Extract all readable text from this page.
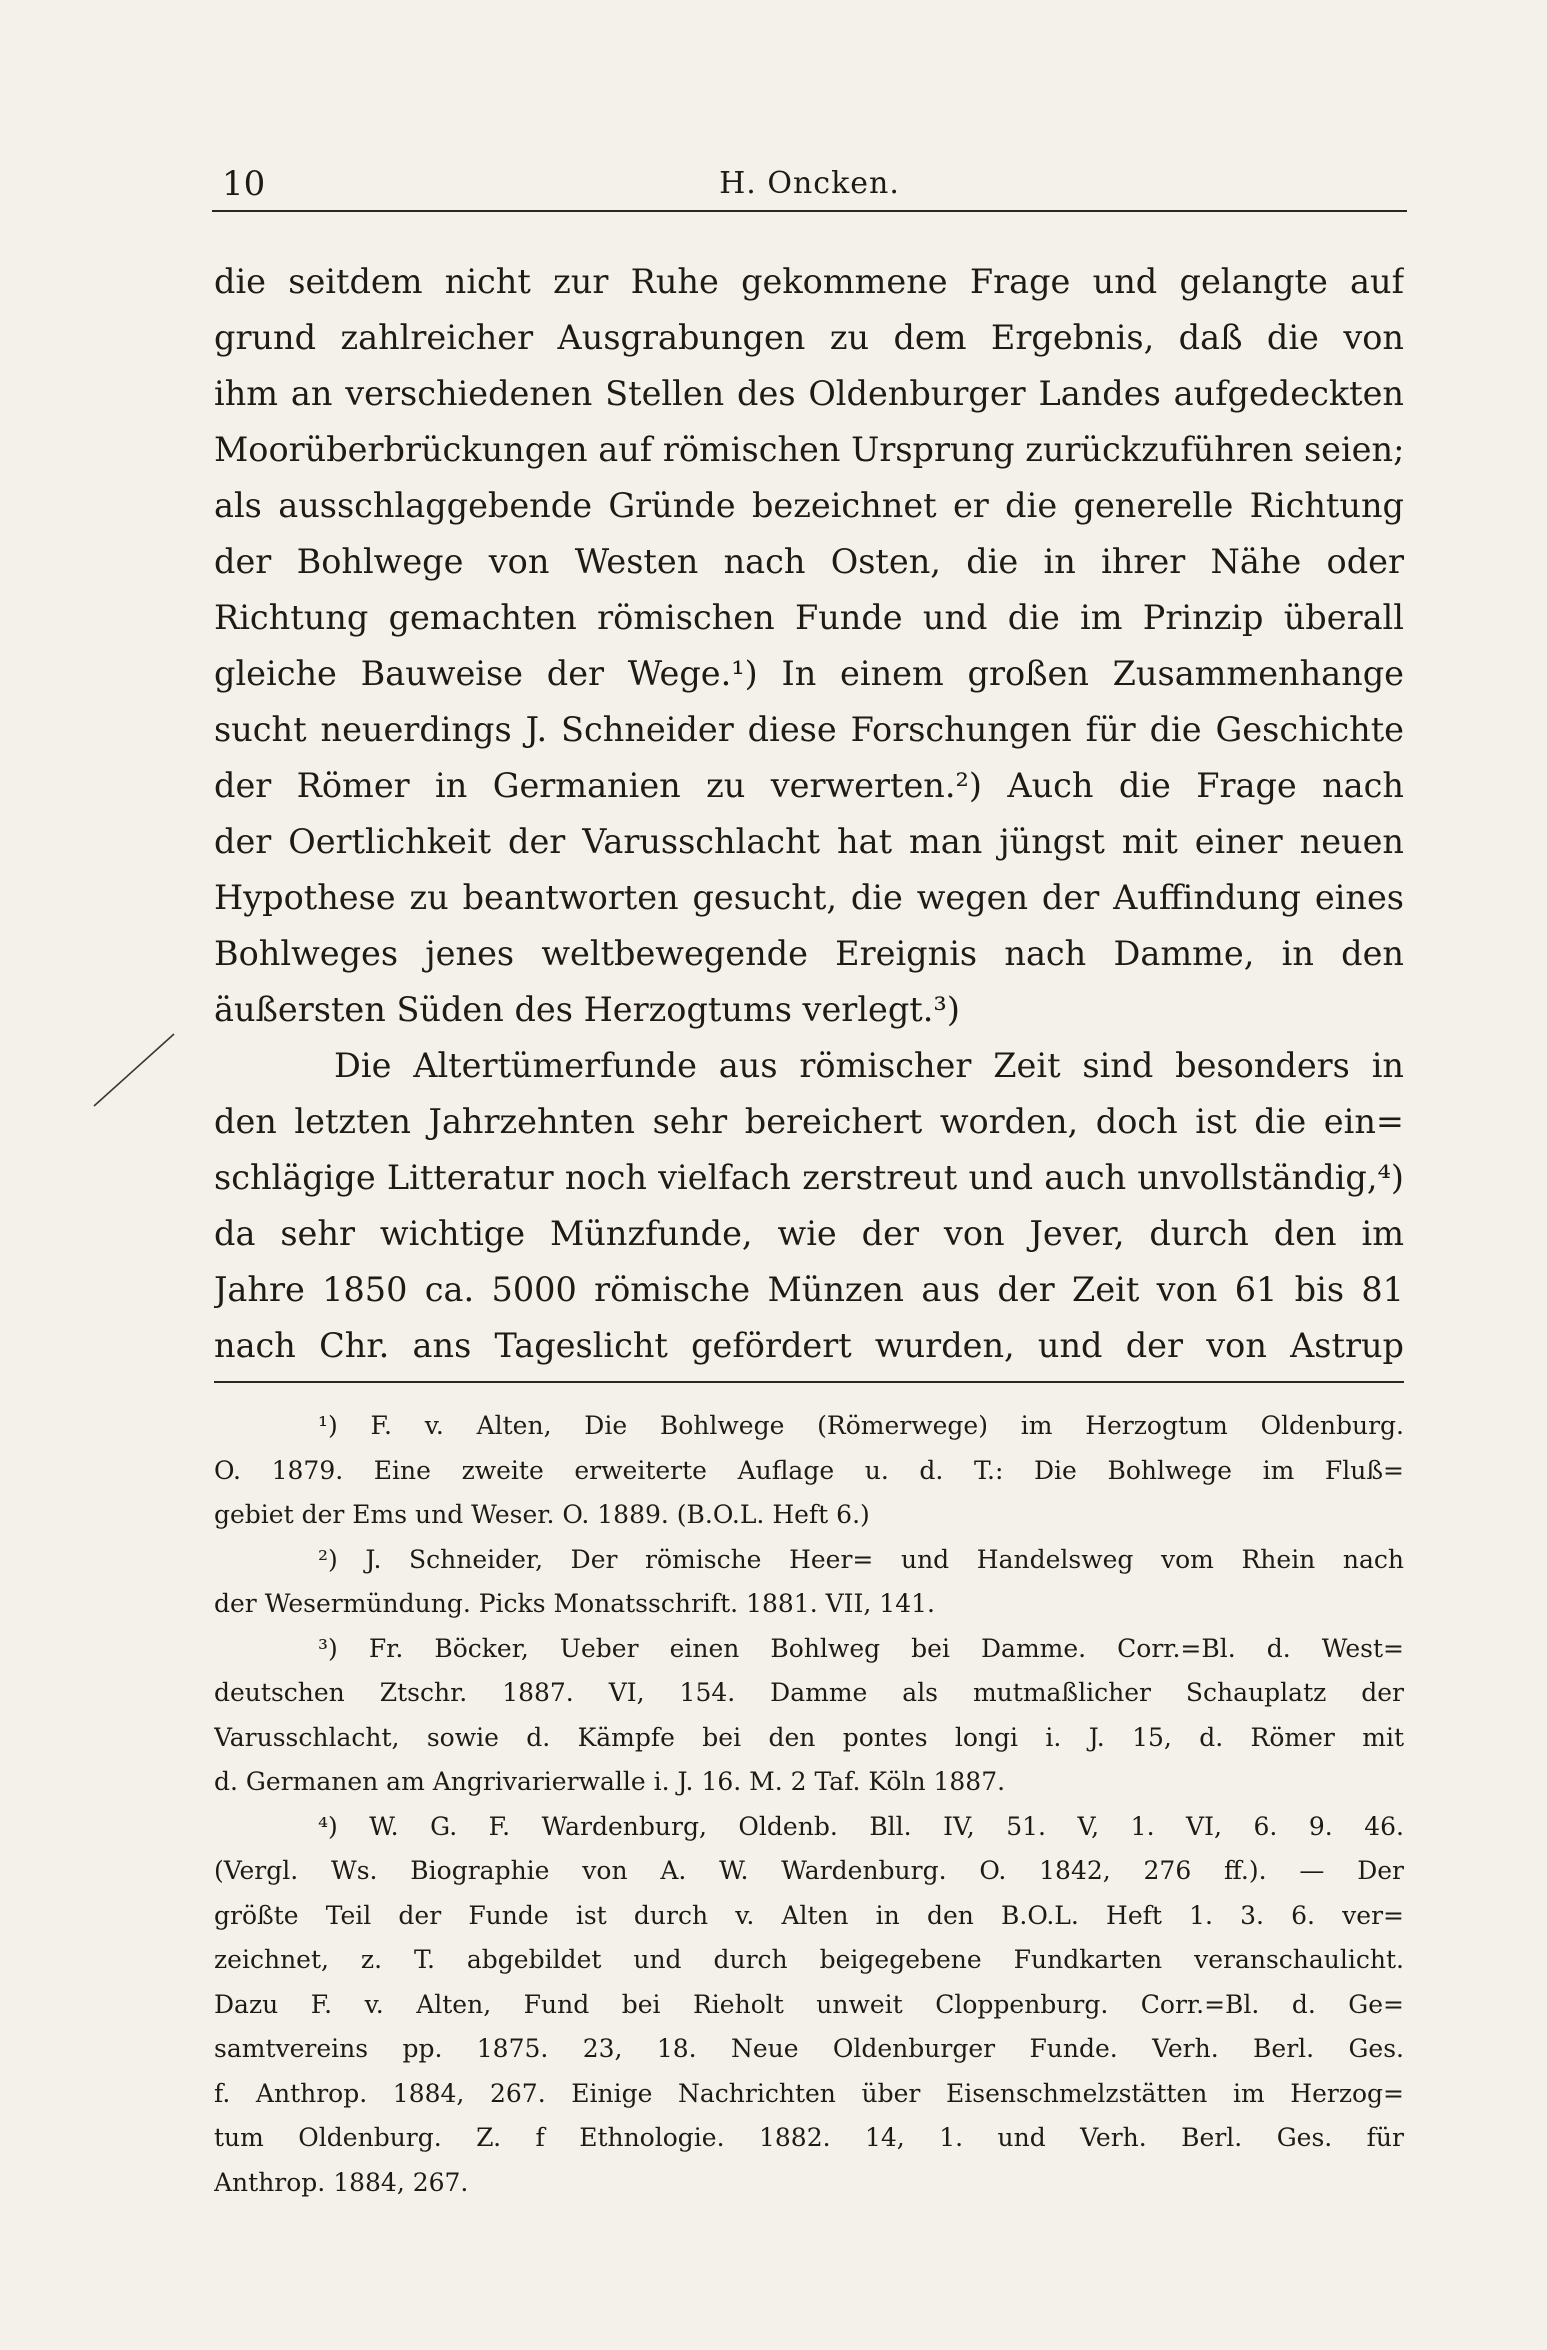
10	H. Oncken.
die seitdem nicht zur Ruhe gekommene Frage und gelangte auf
grund zahlreicher Ausgrabungen zu dem Ergebnis, daß die von
ihm an verschiedenen Stellen des Oldenburger Landes aufgedeckten
Moorüberbrückungen auf römischen Ursprung zurückzuführen seien;
als ausschlaggebende Gründe bezeichnet er die generelle Richtung
der Bohlwege von Westen nach Osten, die in ihrer Nähe oder
Richtung gemachten römischen Funde und die im Prinzip überall
gleiche Bauweise der Wege.¹) In einem großen Zusammenhange
sucht neuerdings J. Schneider diese Forschungen für die Geschichte
der Römer in Germanien zu verwerten.²) Auch die Frage nach
der Oertlichkeit der Varusschlacht hat man jüngst mit einer neuen
Hypothese zu beantworten gesucht, die wegen der Auffindung eines
Bohlweges jenes weltbewegende Ereignis nach Damme, in den
äußersten Süden des Herzogtums verlegt.³)
Die Altertümerfunde aus römischer Zeit sind besonders in
den letzten Jahrzehnten sehr bereichert worden, doch ist die ein=
schlägige Litteratur noch vielfach zerstreut und auch unvollständig,⁴)
da sehr wichtige Münzfunde, wie der von Jever, durch den im
Jahre 1850 ca. 5000 römische Münzen aus der Zeit von 61 bis 81
nach Chr. ans Tageslicht gefördert wurden, und der von Astrup
¹) F. v. Alten, Die Bohlwege (Römerwege) im Herzogtum Oldenburg.
O. 1879. Eine zweite erweiterte Auflage u. d. T.: Die Bohlwege im Fluß=
gebiet der Ems und Weser. O. 1889. (B.O.L. Heft 6.)
²) J. Schneider, Der römische Heer= und Handelsweg vom Rhein nach
der Wesermündung. Picks Monatsschrift. 1881. VII, 141.
³) Fr. Böcker, Ueber einen Bohlweg bei Damme. Corr.=Bl. d. West=
deutschen Ztschr. 1887. VI, 154. Damme als mutmaßlicher Schauplatz der
Varusschlacht, sowie d. Kämpfe bei den pontes longi i. J. 15, d. Römer mit
d. Germanen am Angrivarierwalle i. J. 16. M. 2 Taf. Köln 1887.
⁴) W. G. F. Wardenburg, Oldenb. Bll. IV, 51. V, 1. VI, 6. 9. 46.
(Vergl. Ws. Biographie von A. W. Wardenburg. O. 1842, 276 ff.). — Der
größte Teil der Funde ist durch v. Alten in den B.O.L. Heft 1. 3. 6. ver=
zeichnet, z. T. abgebildet und durch beigegebene Fundkarten veranschaulicht.
Dazu F. v. Alten, Fund bei Rieholt unweit Cloppenburg. Corr.=Bl. d. Ge=
samtvereins pp. 1875. 23, 18. Neue Oldenburger Funde. Verh. Berl. Ges.
f. Anthrop. 1884, 267. Einige Nachrichten über Eisenschmelzstätten im Herzog=
tum Oldenburg. Z. f Ethnologie. 1882. 14, 1. und Verh. Berl. Ges. für
Anthrop. 1884, 267.
